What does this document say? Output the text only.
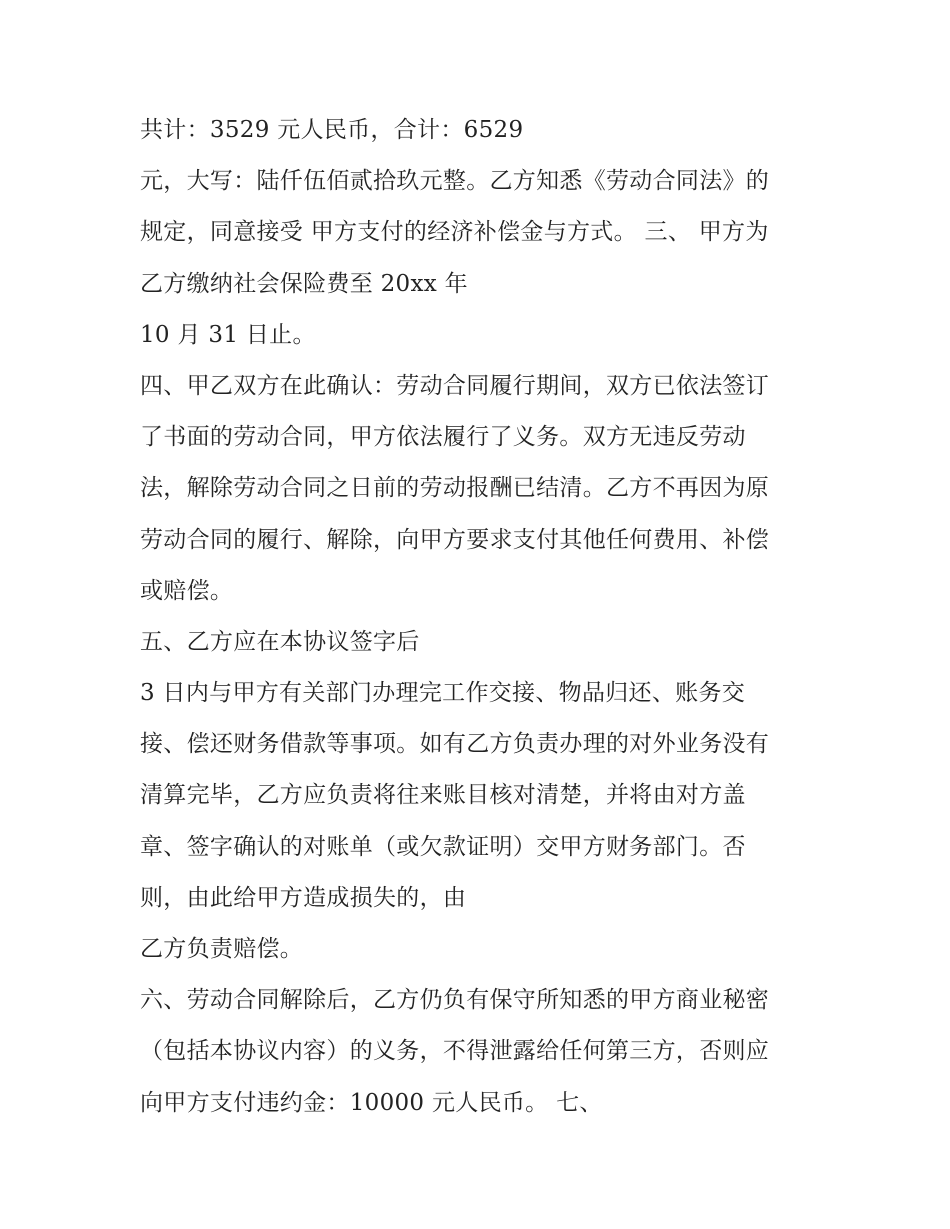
共计：3529 元人民币，合计：6529
元，大写：陆仟伍佰贰拾玖元整。乙方知悉《劳动合同法》的
规定，同意接受 甲方支付的经济补偿金与方式。 三、 甲方为
乙方缴纳社会保险费至 20xx 年
10 月 31 日止。
四、甲乙双方在此确认：劳动合同履行期间，双方已依法签订
了书面的劳动合同，甲方依法履行了义务。双方无违反劳动
法，解除劳动合同之日前的劳动报酬已结清。乙方不再因为原
劳动合同的履行、解除，向甲方要求支付其他任何费用、补偿
或赔偿。
五、乙方应在本协议签字后
3 日内与甲方有关部门办理完工作交接、物品归还、账务交
接、偿还财务借款等事项。如有乙方负责办理的对外业务没有
清算完毕，乙方应负责将往来账目核对清楚，并将由对方盖
章、签字确认的对账单（或欠款证明）交甲方财务部门。否
则，由此给甲方造成损失的，由
乙方负责赔偿。
六、劳动合同解除后，乙方仍负有保守所知悉的甲方商业秘密
（包括本协议内容）的义务，不得泄露给任何第三方，否则应
向甲方支付违约金：10000 元人民币。 七、
